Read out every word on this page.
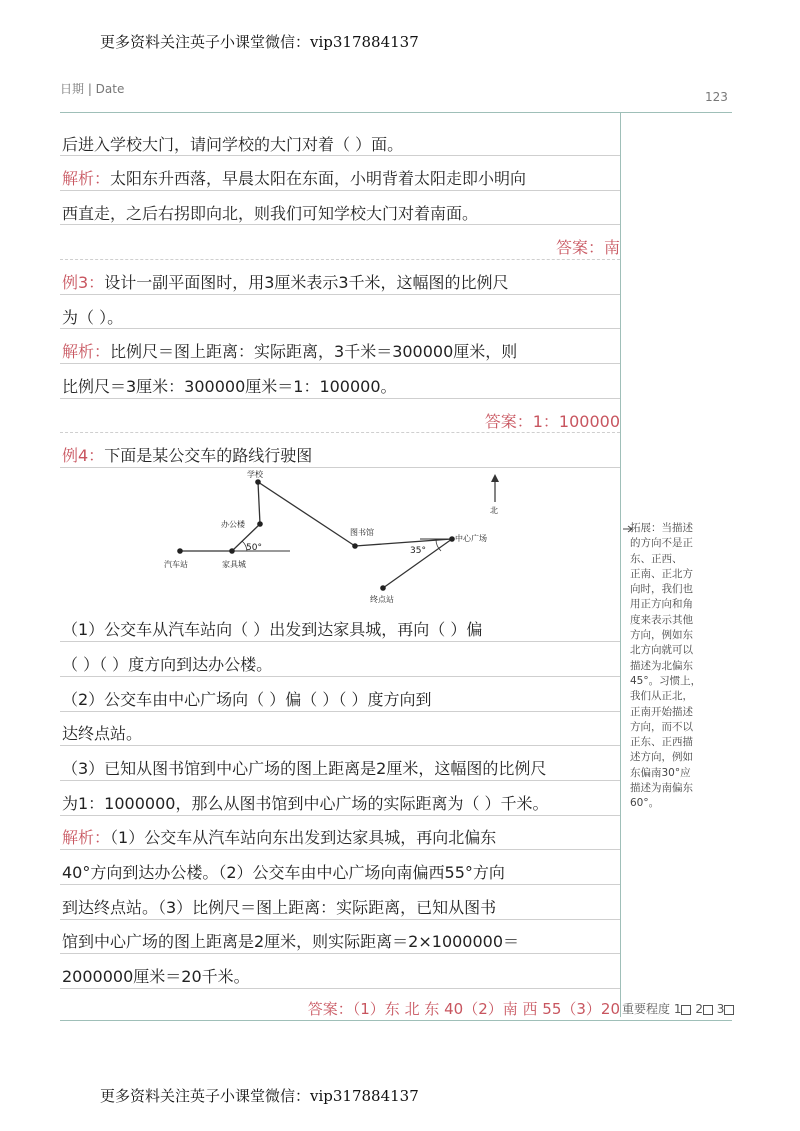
更多资料关注英子小课堂微信：vip317884137
更多资料关注英子小课堂微信：vip317884137
日期 | Date
123
后进入学校大门，请问学校的大门对着（ ）面。
解析：太阳东升西落，早晨太阳在东面，小明背着太阳走即小明向
西直走，之后右拐即向北，则我们可知学校大门对着南面。
答案：南
例3：设计一副平面图时，用3厘米表示3千米，这幅图的比例尺
为（ ）。
解析：比例尺＝图上距离：实际距离，3千米＝300000厘米，则
比例尺＝3厘米：300000厘米＝1：100000。
答案：1：100000
例4：下面是某公交车的路线行驶图
北
学校
办公楼
图书馆
中心广场
汽车站	家具城
终点站
50°	35°
（1）公交车从汽车站向（ ）出发到达家具城，再向（ ）偏
（ ）（ ）度方向到达办公楼。
（2）公交车由中心广场向（ ）偏（ ）（ ）度方向到
达终点站。
（3）已知从图书馆到中心广场的图上距离是2厘米，这幅图的比例尺
为1：1000000，那么从图书馆到中心广场的实际距离为（ ）千米。
解析：（1）公交车从汽车站向东出发到达家具城，再向北偏东
40°方向到达办公楼。（2）公交车由中心广场向南偏西55°方向
到达终点站。（3）比例尺＝图上距离：实际距离，已知从图书
馆到中心广场的图上距离是2厘米，则实际距离＝2×1000000＝
2000000厘米＝20千米。
答案：（1）东 北 东 40（2）南 西 55（3）20
拓展：当描述
的方向不是正
东、正西、
正南、正北方
向时，我们也
用正方向和角
度来表示其他
方向，例如东
北方向就可以
描述为北偏东
45°。习惯上，
我们从正北，
正南开始描述
方向，而不以
正东、正西描
述方向，例如
东偏南30°应
描述为南偏东
60°。
重要程度 1 2 3
